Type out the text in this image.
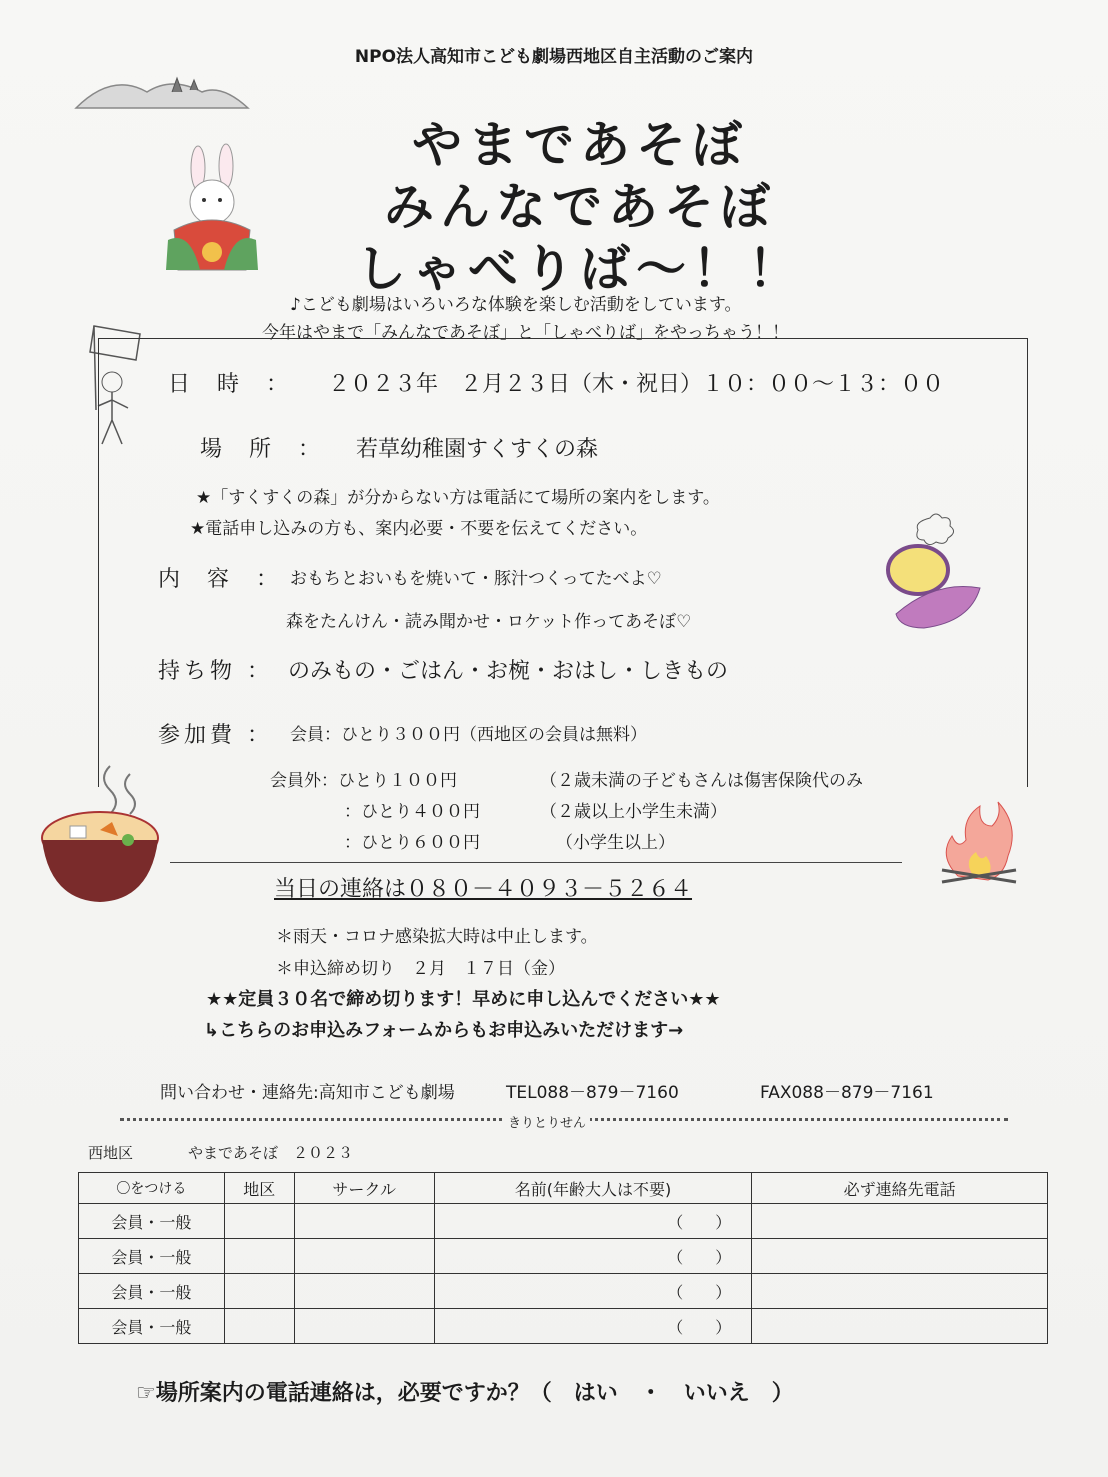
NPO法人高知市こども劇場西地区自主活動のご案内
やまであそぼ
みんなであそぼ
しゃべりば〜！！
♪こども劇場はいろいろな体験を楽しむ活動をしています。
今年はやまで「みんなであそぼ」と「しゃべりば」をやっちゃう！！
日 時 ： ２０２３年　２月２３日（木・祝日）１０：００〜１３：００
場 所 ： 若草幼稚園すくすくの森
★「すくすくの森」が分からない方は電話にて場所の案内をします。
★電話申し込みの方も、案内必要・不要を伝えてください。
内 容 ： おもちとおいもを焼いて・豚汁つくってたべよ♡
森をたんけん・読み聞かせ・ロケット作ってあそぼ♡
持ち物 ： のみもの・ごはん・お椀・おはし・しきもの
参加費 ： 会員：ひとり３００円（西地区の会員は無料）
会員外：ひとり１００円	（２歳未満の子どもさんは傷害保険代のみ
：ひとり４００円	（２歳以上小学生未満）
：ひとり６００円	（小学生以上）
当日の連絡は０８０－４０９３－５２６４
＊雨天・コロナ感染拡大時は中止します。
＊申込締め切り　２月　１７日（金）
★★定員３０名で締め切ります！早めに申し込んでください★★
↳こちらのお申込みフォームからもお申込みいただけます→
問い合わせ・連絡先:高知市こども劇場	TEL088－879－7160	FAX088－879－7161
きりとりせん
西地区	やまであそぼ　２０２３
〇をつける	地区	サークル	名前(年齢大人は不要)	必ず連絡先電話
会員・一般			（　　）	
会員・一般			（　　）	
会員・一般			（　　）	
会員・一般			（　　）	
☞場所案内の電話連絡は，必要ですか？（　はい　・　いいえ　）
